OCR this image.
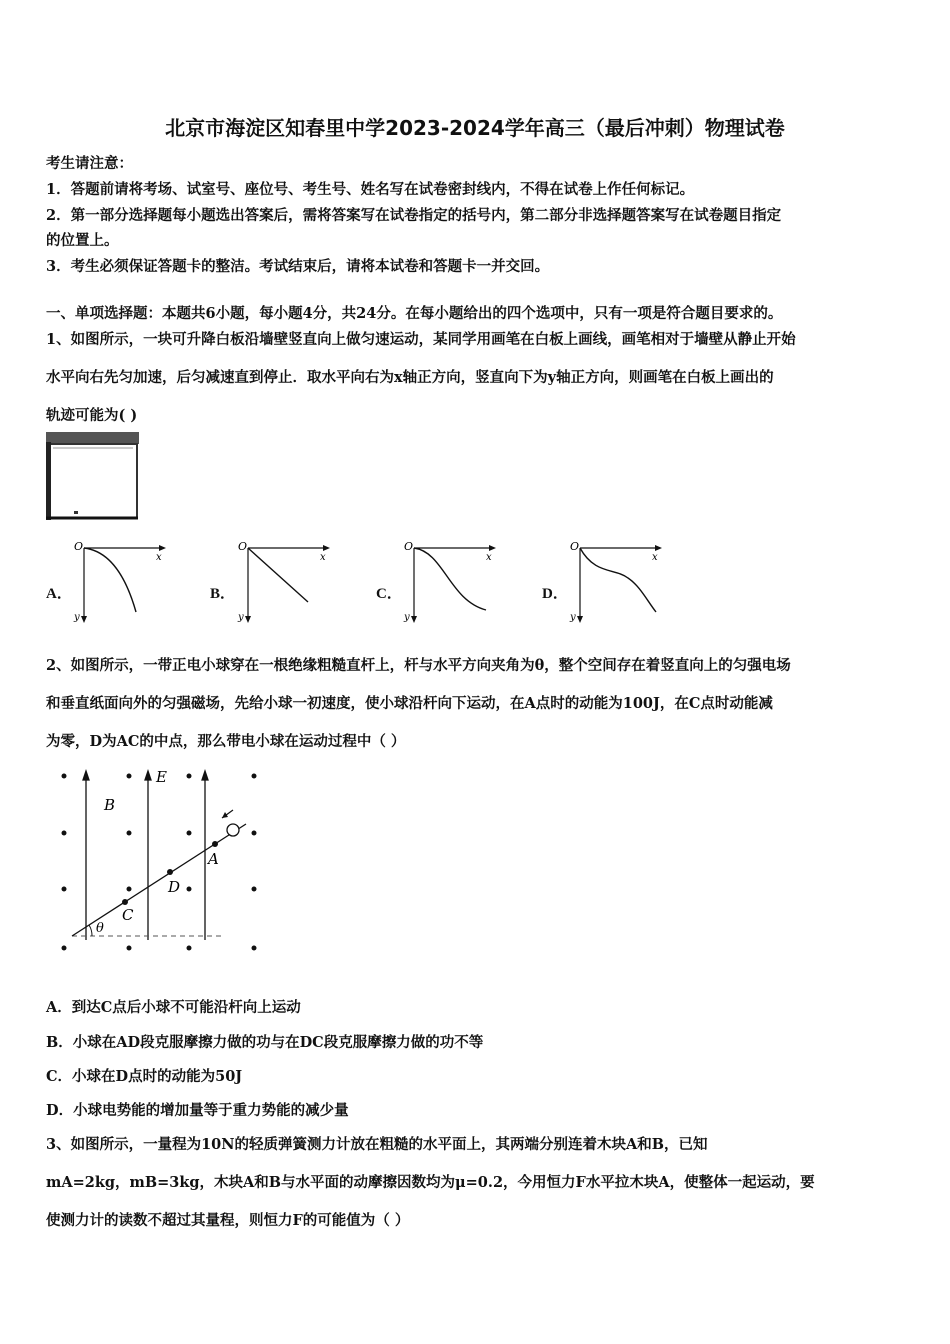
北京市海淀区知春里中学2023-2024学年高三（最后冲刺）物理试卷
考生请注意：
1．答题前请将考场、试室号、座位号、考生号、姓名写在试卷密封线内，不得在试卷上作任何标记。
2．第一部分选择题每小题选出答案后，需将答案写在试卷指定的括号内，第二部分非选择题答案写在试卷题目指定
的位置上。
3．考生必须保证答题卡的整洁。考试结束后，请将本试卷和答题卡一并交回。
一、单项选择题：本题共6小题，每小题4分，共24分。在每小题给出的四个选项中，只有一项是符合题目要求的。
1、如图所示，一块可升降白板沿墙壁竖直向上做匀速运动，某同学用画笔在白板上画线，画笔相对于墙壁从静止开始
水平向右先匀加速，后匀减速直到停止．取水平向右为x轴正方向，竖直向下为y轴正方向，则画笔在白板上画出的
轨迹可能为( )
O
x
y
A．
O
x
y
B．
O
x
y
C．
O
x
y
D．
2、如图所示，一带正电小球穿在一根绝缘粗糙直杆上，杆与水平方向夹角为θ，整个空间存在着竖直向上的匀强电场
和垂直纸面向外的匀强磁场，先给小球一初速度，使小球沿杆向下运动，在A点时的动能为100J，在C点时动能减
为零，D为AC的中点，那么带电小球在运动过程中（ ）
E
B
A
D
C
θ
A．到达C点后小球不可能沿杆向上运动
B．小球在AD段克服摩擦力做的功与在DC段克服摩擦力做的功不等
C．小球在D点时的动能为50J
D．小球电势能的增加量等于重力势能的减少量
3、如图所示，一量程为10N的轻质弹簧测力计放在粗糙的水平面上，其两端分别连着木块A和B，已知
mA=2kg，mB=3kg，木块A和B与水平面的动摩擦因数均为μ=0.2，今用恒力F水平拉木块A，使整体一起运动，要
使测力计的读数不超过其量程，则恒力F的可能值为（ ）
